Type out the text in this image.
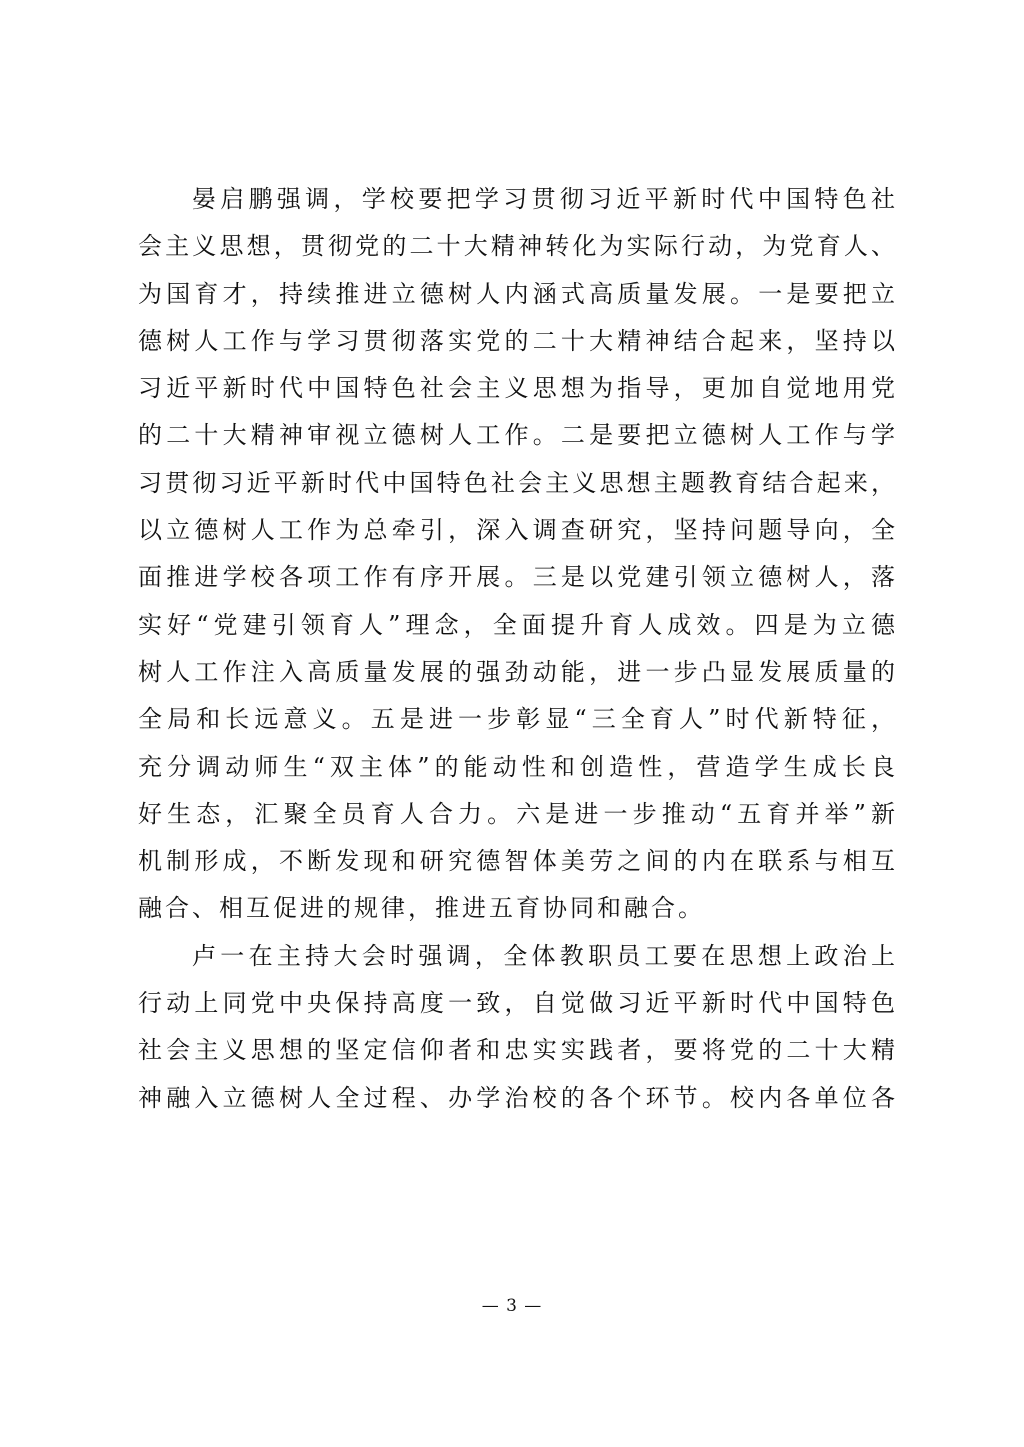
晏启鹏强调，学校要把学习贯彻习近平新时代中国特色社
会主义思想，贯彻党的二十大精神转化为实际行动，为党育人、
为国育才，持续推进立德树人内涵式高质量发展。一是要把立
德树人工作与学习贯彻落实党的二十大精神结合起来，坚持以
习近平新时代中国特色社会主义思想为指导，更加自觉地用党
的二十大精神审视立德树人工作。二是要把立德树人工作与学
习贯彻习近平新时代中国特色社会主义思想主题教育结合起来，
以立德树人工作为总牵引，深入调查研究，坚持问题导向，全
面推进学校各项工作有序开展。三是以党建引领立德树人，落
实好“党建引领育人”理念，全面提升育人成效。四是为立德
树人工作注入高质量发展的强劲动能，进一步凸显发展质量的
全局和长远意义。五是进一步彰显“三全育人”时代新特征，
充分调动师生“双主体”的能动性和创造性，营造学生成长良
好生态，汇聚全员育人合力。六是进一步推动“五育并举”新
机制形成，不断发现和研究德智体美劳之间的内在联系与相互
融合、相互促进的规律，推进五育协同和融合。
卢一在主持大会时强调，全体教职员工要在思想上政治上
行动上同党中央保持高度一致，自觉做习近平新时代中国特色
社会主义思想的坚定信仰者和忠实实践者，要将党的二十大精
神融入立德树人全过程、办学治校的各个环节。校内各单位各
— 3 —
